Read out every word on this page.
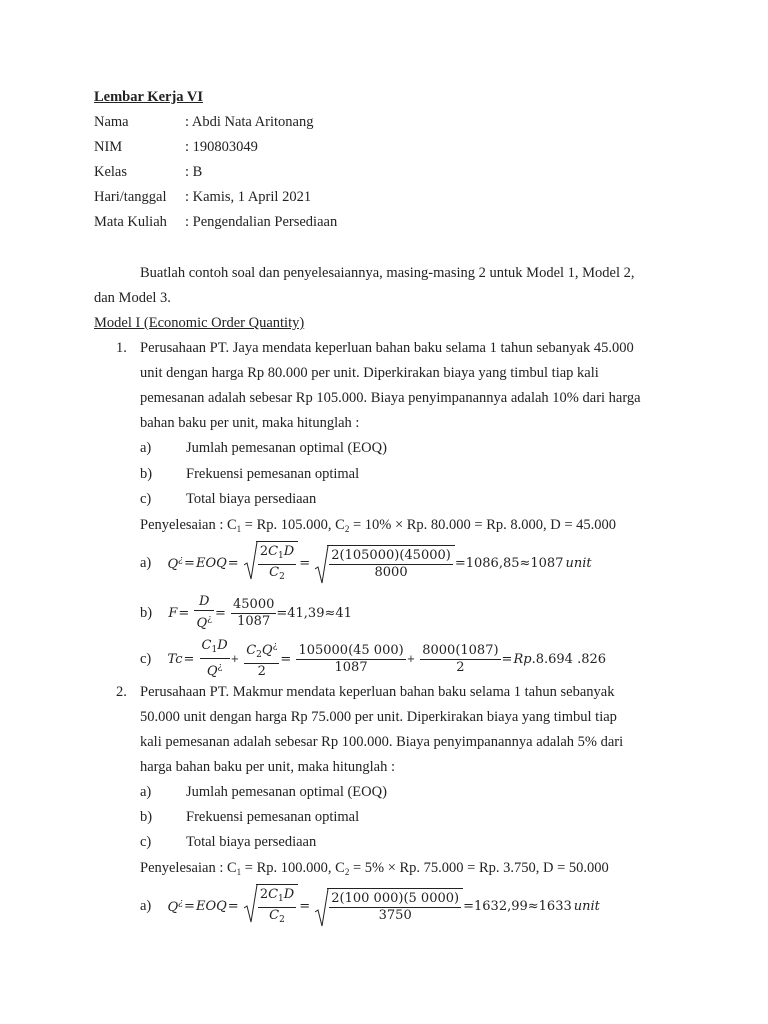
Lembar Kerja VI
Nama	: Abdi Nata Aritonang
NIM	: 190803049
Kelas	: B
Hari/tanggal : Kamis, 1 April 2021
Mata Kuliah : Pengendalian Persediaan
Buatlah contoh soal dan penyelesaiannya, masing-masing 2 untuk Model 1, Model 2,
dan Model 3.
Model I (Economic Order Quantity)
1. Perusahaan PT. Jaya mendata keperluan bahan baku selama 1 tahun sebanyak 45.000
unit dengan harga Rp 80.000 per unit. Diperkirakan biaya yang timbul tiap kali
pemesanan adalah sebesar Rp 105.000. Biaya penyimpanannya adalah 10% dari harga
bahan baku per unit, maka hitunglah :
a) Jumlah pemesanan optimal (EOQ)
b) Frekuensi pemesanan optimal
c) Total biaya persediaan
Penyelesaian : $C_1 = Rp$. 105.000, $C_2 = 10\% \times Rp$. 80.000 = Rp. 8.000, D = 45.000
a) $Q^¿=EOQ= \frac{2C_1D}{C_2} = \frac{2(105000)(45000)}{8000} =1086,85\approx 1087$ unit
b) $F= \frac{D}{Q^¿} = \frac{45000}{1087} =41,39\approx 41$
c) $Tc= \frac{C_1D}{Q^¿} + \frac{C_2Q^¿}{2} = \frac{105000(45 000)}{1087} + \frac{8000(1087)}{2} =Rp.8.694$ .826
2. Perusahaan PT. Makmur mendata keperluan bahan baku selama 1 tahun sebanyak
50.000 unit dengan harga Rp 75.000 per unit. Diperkirakan biaya yang timbul tiap
kali pemesanan adalah sebesar Rp 100.000. Biaya penyimpanannya adalah 5% dari
harga bahan baku per unit, maka hitunglah :
a) Jumlah pemesanan optimal (EOQ)
b) Frekuensi pemesanan optimal
c) Total biaya persediaan
Penyelesaian : $C_1 = Rp$. 100.000, $C_2 = 5\% \times Rp$. 75.000 = Rp. 3.750, D = 50.000
a) $Q^¿=EOQ= \frac{2C_1D}{C_2} = \frac{2(100 000)(5 0000)}{3750} =1632,99\approx 1633$ unit
